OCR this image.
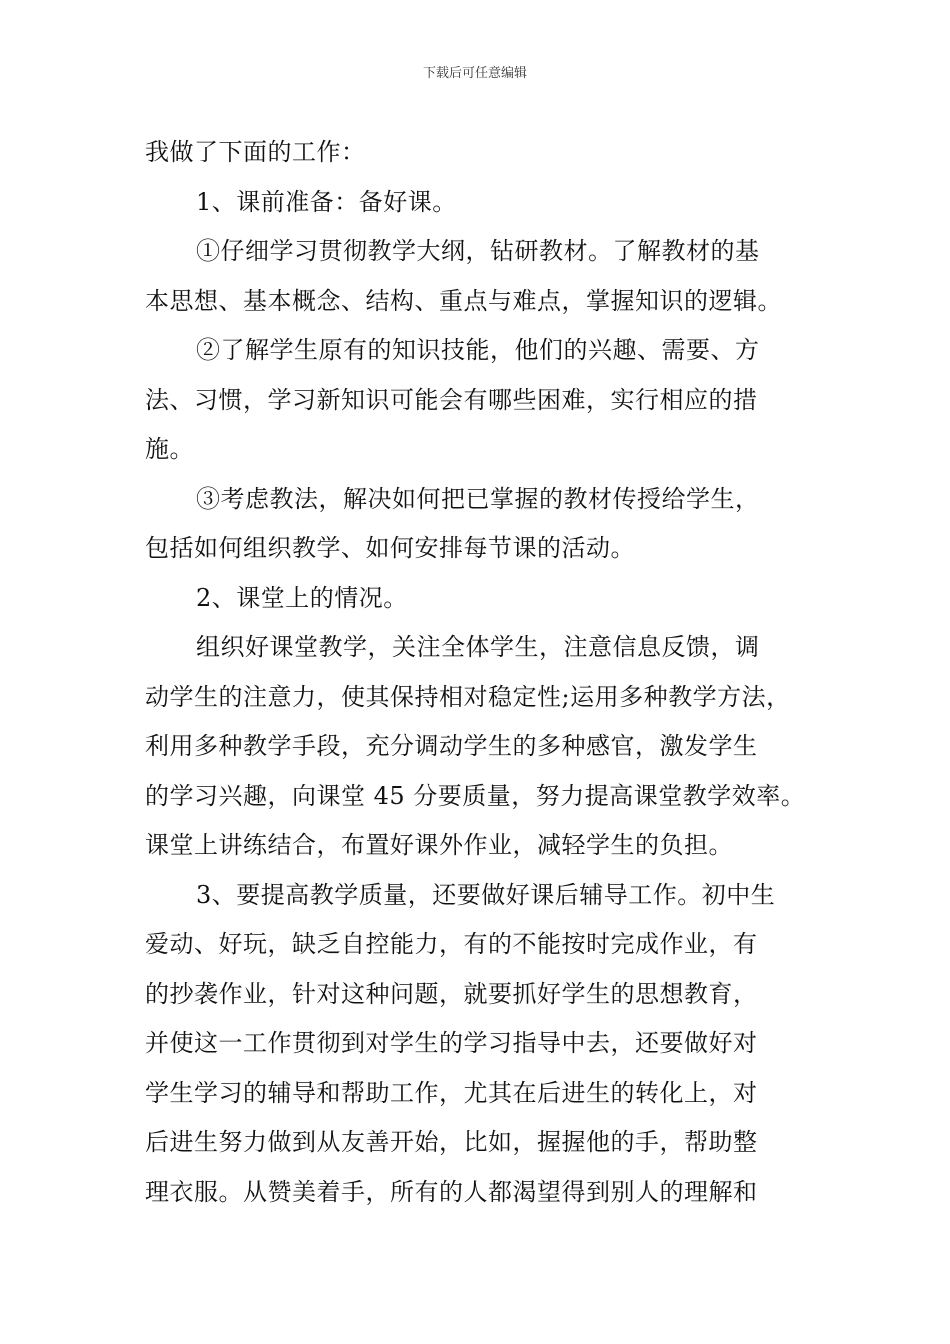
下载后可任意编辑

我做了下面的工作：

1、课前准备：备好课。

①仔细学习贯彻教学大纲，钻研教材。了解教材的基

本思想、基本概念、结构、重点与难点，掌握知识的逻辑。

②了解学生原有的知识技能，他们的兴趣、需要、方

法、习惯，学习新知识可能会有哪些困难，实行相应的措

施。

③考虑教法，解决如何把已掌握的教材传授给学生，

包括如何组织教学、如何安排每节课的活动。

2、课堂上的情况。

组织好课堂教学，关注全体学生，注意信息反馈，调

动学生的注意力，使其保持相对稳定性;运用多种教学方法，

利用多种教学手段，充分调动学生的多种感官，激发学生

的学习兴趣，向课堂 45 分要质量，努力提高课堂教学效率。

课堂上讲练结合，布置好课外作业，减轻学生的负担。

3、要提高教学质量，还要做好课后辅导工作。初中生

爱动、好玩，缺乏自控能力，有的不能按时完成作业，有

的抄袭作业，针对这种问题，就要抓好学生的思想教育，

并使这一工作贯彻到对学生的学习指导中去，还要做好对

学生学习的辅导和帮助工作，尤其在后进生的转化上，对

后进生努力做到从友善开始，比如，握握他的手，帮助整

理衣服。从赞美着手，所有的人都渴望得到别人的理解和
